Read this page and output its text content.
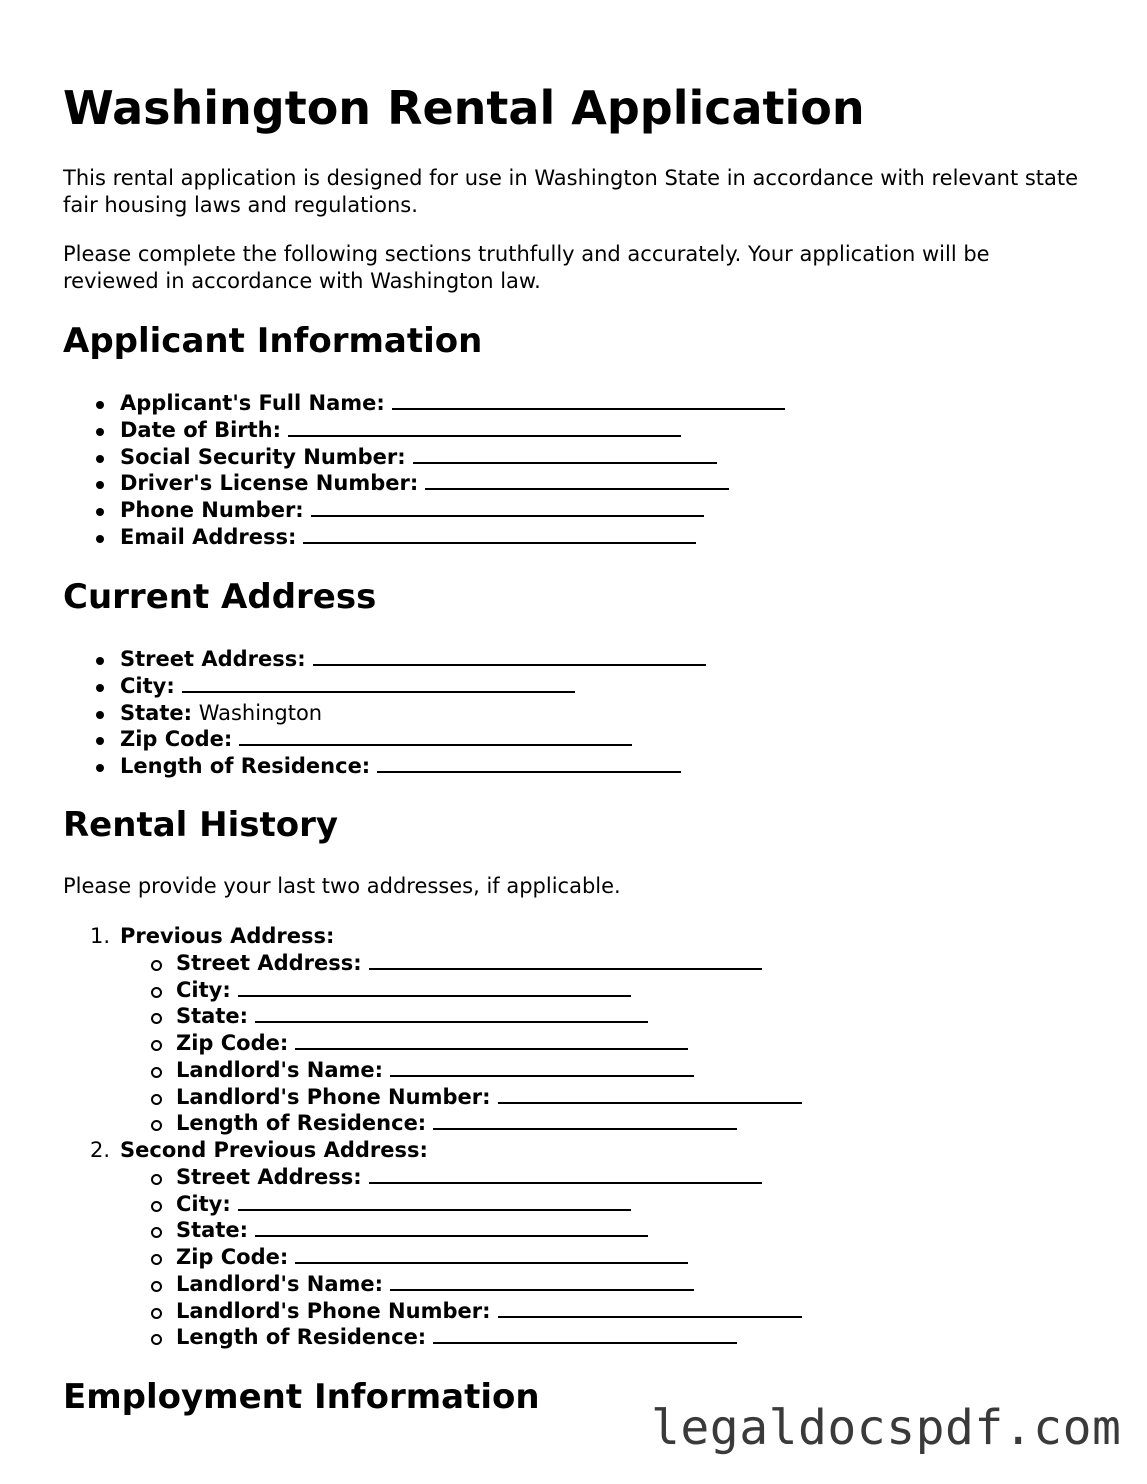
Washington Rental Application

This rental application is designed for use in Washington State in accordance with relevant state fair housing laws and regulations.

Please complete the following sections truthfully and accurately. Your application will be reviewed in accordance with Washington law.

Applicant Information
Applicant's Full Name:
Date of Birth:
Social Security Number:
Driver's License Number:
Phone Number:
Email Address:
Current Address
Street Address:
City:
State: Washington
Zip Code:
Length of Residence:
Rental History

Please provide your last two addresses, if applicable.

1. Previous Address:
Street Address:
City:
State:
Zip Code:
Landlord's Name:
Landlord's Phone Number:
Length of Residence:
2. Second Previous Address:
Street Address:
City:
State:
Zip Code:
Landlord's Name:
Landlord's Phone Number:
Length of Residence:
Employment Information
legaldocspdf.com
